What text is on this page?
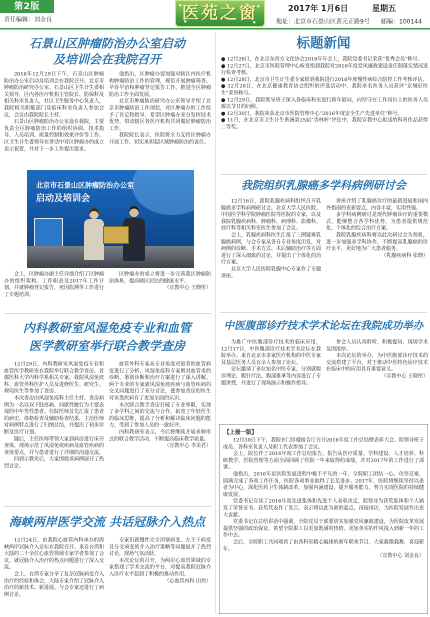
第2版
责任编辑：刘金良	医苑之窗	2017年 1月6日 星期五
地址：北京市石景山区黄元正路9号 邮编：100144
石景山区肿瘤防治办公室启动
及培训会在我院召开

2016年12月29日下午，石景山区肿瘤防治办公室启动及培训会在我院召开。北京市肿瘤防治研究办公室、石景山区卫生计生委相关领导，区内各医疗机构主管院长、防保科及相关科室负责人，社区卫生服务中心负责人，我院相关职能部门及临床科室负责人参加会议，会议由我院院长主持。

石景山区肿瘤防治办公室设在我院，主要负责全区肿瘤防治工作的组织协调、技术指导、人员培训、质量控制和效果评价等工作。区卫生计生委领导在讲话中对区肿瘤办的成立表示祝贺，并对下一步工作提出要求。

他指出，区肿瘤办要加强对辖区内医疗机构肿瘤防治工作的管理，规范开展肿瘤筛查、早诊早治和肿瘤登记报告工作，推进全区肿瘤防治工作全面发展。

北京市肿瘤防治研究办公室领导介绍了北京市肿瘤防治工作现状，对区肿瘤办的工作给予了肯定和指导，希望区肿瘤办充分发挥技术优势，带动辖区各医疗机构共同做好肿瘤防治工作。

我院院长表示，医院将全力支持区肿瘤办开展工作，切实承担起区域肿瘤防治的责任。

北京市石景山区肿瘤防治办公室
启动及培训会

会上，区肿瘤办副主任详细介绍了区肿瘤办的组织架构、工作职责及2017年工作计划，并就肿瘤登记报告、死因监测等工作进行了专题培训。

区肿瘤办的成立将进一步完善我区肿瘤防治体系，提高辖区居民的健康水平。

（宣教中心 王晓彤）

内科教研室风湿免疫专业和血管
医学教研室举行联合教学查房

12月29日，内科教研室风湿免疫专业和血管医学教研室在我院举行联合教学查房。首都医科大学内科学系相关专家，我院风湿免疫科、血管外科医护人员及进修医生、研究生、规培医生等参加了查房。

本次查房由风湿免疫科主任主持。查房病例为一名以双下肢疼痛、间歇性跛行为主要表现的中年男性患者。住院医师首先汇报了患者的病史、体格检查及辅助检查结果，主治医师对病例特点进行了归纳总结，并提出了初步诊断及诊疗计划。

随后，主任医师带领大家到病房进行床旁查体，现场示范了风湿免疫疾病及血管疾病的查体要点，并与患者进行了详细的沟通交流。

回到示教室后，大家围绕该病例展开了热烈讨论。

血管外科专家从专业角度对患者的血管病变进行了分析，风湿免疫科专家则对血管炎的诊断、鉴别诊断和治疗方案进行了深入讲解。两个专业的专家就风湿免疫疾病与血管疾病的交叉问题进行了充分讨论，使参加查房的医生对该类疾病有了更加全面的认识。

本次联合教学查房打破了专业界限，实现了多学科之间的交流与合作，拓宽了年轻医生的临床思维，提高了分析和解决临床问题的能力，受到了参加人员的一致好评。

内科教研室表示，今后将继续开展多种形式的联合教学活动，不断提高临床教学质量。

（宣教中心 李美君）

海峡两岸医学交流 共话冠脉介入热点

12月24日，由我院心血管内科承办的海峡两岸冠脉介入论坛在我院召开。来自台湾和大陆的二十余位心血管领域专家学者参加了会议，就冠脉介入治疗的热点问题进行了深入交流。

会上，台湾专家分享了复杂冠脉病变介入治疗的经验和体会，大陆专家介绍了冠脉介入治疗的新技术、新进展。与会专家还进行了病例讨论。

专家们就慢性完全闭塞病变、左主干病变及分叉病变的介入治疗策略等问题展开了热烈讨论，现场气氛活跃。

本次论坛的召开，为两岸心血管领域的专家搭建了学术交流的平台，对提高我院冠脉介入诊疗水平起到了积极的推动作用。

（心血管内科 田伟）

标题新闻

● 12月26日，在北京东西方文化协会2016年年会上，我院党委书记荣获“优秀会员”称号。

● 12月27日，北京市医院管理中心检查组到我院对2016年度党风廉政建设责任制落实情况进行检查考核。

● 12月28日，北京市卫生计生委专家组到我院进行2016年度慢性病综合防控工作考核评估。

● 12月28日，在北京健康教育协会组织的评选活动中，我院多名医务人员获评“京城好医生”荣誉称号。

● 12月29日，我院领导班子深入各临床科室进行新年慰问，向坚守在工作岗位上的医务人员致以节日的问候。

● 12月30日，我院荣获北京市医院管理中心“2016年度安全生产先进单位”称号。

● 11月，在北京市卫生计生系统第25届“杏林杯”评比中，我院宣教中心报送的科普作品获得二等奖。

我院组织乳腺癌多学科病例研讨会

12月16日，我院乳腺疾病科组织召开乳腺癌多学科病例研讨会。北京大学人民医院、中国医学科学院肿瘤医院等医院的专家，以及我院乳腺疾病科、肿瘤科、病理科、影像科、放疗科等相关科室医生参加了会议。

会上，乳腺疾病科医生汇报了三例疑难乳腺癌病例，与会专家从各自专业角度出发，对病例的诊断、手术方式、术后辅助治疗等方面进行了深入细致的讨论，并提出了个体化的治疗方案。

北京大学人民医院乳腺中心专家作了专题讲座。

讲座介绍了乳腺癌诊疗的最新进展和国内外指南的更新要点，内容丰富，实用性强。

多学科病例研讨是现代肿瘤诊疗的重要模式，能够整合各学科优势，为患者提供规范化、个体化的综合治疗方案。

我院乳腺疾病科将以此次研讨会为契机，进一步加强多学科协作，不断提高乳腺癌的诊疗水平，更好地为广大患者服务。

（乳腺疾病科 张晓）

中医腹部诊疗技术学术论坛在我院成功举办

为推广中医腹部诊疗技术的临床应用，12月17日，中医腹部诊疗技术学术论坛在我院举办。来自北京市多家医疗机构的中医专家及基层医务人员百余人参加了论坛。

论坛邀请了多位知名中医专家，分别就腹诊理论、腹针疗法、腹部推拿等内容进行了专题讲授，并进行了现场演示和操作指导。

参会人员认真聆听，积极提问，现场学术氛围浓厚。

本次论坛的举办，为中医腹部诊疗技术的交流搭建了平台，对于推动中医特色诊疗技术在临床中的应用具有重要意义。

（宣教中心 王晓彤）

【上接一版】

12月30日下午，我院在门诊楼报告厅召开2016年度工作总结暨表彰大会。院领导班子成员、各科室负责人及职工代表参加了会议。

会上，院长作了2016年度工作总结报告。报告从医疗质量、学科建设、人才培养、科研教学、医院管理等方面全面回顾了医院一年来取得的成绩，并对2017年的工作进行了部署。

他指出，2016年是医院发展进程中极不平凡的一年，全院职工团结一心、攻坚克难，圆满完成了各项工作任务，医院各项事业取得了长足进步。2017年，医院将继续坚持以患者为中心，深化医药卫生体制改革，加强内涵建设，提升服务能力，努力实现医院的持续健康发展。

党委书记宣读了2016年度先进集体和先进个人表彰决定，院领导为获奖集体和个人颁发了荣誉证书。获奖代表作了发言，表示将以此为新的起点，再接再厉，为医院发展作出更大贡献。

党委书记在总结讲话中强调，全院党员干部要切实加强党风廉政建设，为医院改革发展提供坚强的政治保证。希望全院职工以更加饱满的热情、更加务实的作风投入到新一年的工作中去。

会后，全院职工共同观看了由各科室精心编排的新年联欢节目，大家载歌载舞，喜迎新年。

（宣教中心 刘金良）
